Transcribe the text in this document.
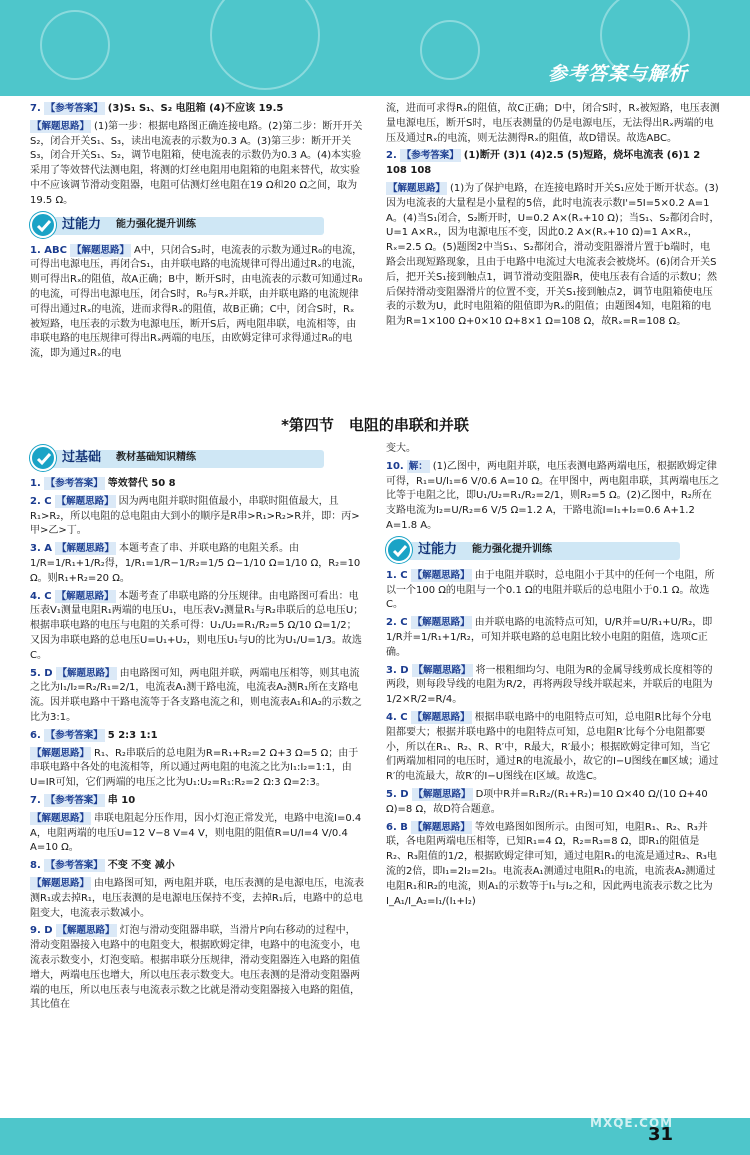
参考答案与解析
7. 【参考答案】 (3)S₁ S₁、S₂ 电阻箱 (4)不应该 19.5
【解题思路】 (1)第一步：根据电路图正确连接电路。(2)第二步：断开开关S₂，闭合开关S₁、S₃，读出电流表的示数为0.3 A。(3)第三步：断开开关S₃，闭合开关S₁、S₂，调节电阻箱，使电流表的示数仍为0.3 A。(4)本实验采用了等效替代法测电阻，将测的灯丝电阻用电阻箱的电阻来替代，故实验中不应该调节滑动变阻器，电阻可估测灯丝电阻在19 Ω和20 Ω之间，取为19.5 Ω。
过能力 能力强化提升训练
1. ABC 【解题思路】 A中，只闭合S₂时，电流表的示数为通过R₀的电流，可得出电源电压，再闭合S₁，由并联电路的电流规律可得出通过Rₓ的电流，则可得出Rₓ的阻值，故A正确；B中，断开S时，由电流表的示数可知通过R₀的电流，可得出电源电压，闭合S时，R₀与Rₓ并联，由并联电路的电流规律可得出通过Rₓ的电流，进而求得Rₓ的阻值，故B正确；C中，闭合S时，Rₓ被短路，电压表的示数为电源电压，断开S后，两电阻串联，电流相等，由串联电路的电压规律可得出Rₓ两端的电压，由欧姆定律可求得通过R₀的电流，即为通过Rₓ的电
流，进而可求得Rₓ的阻值，故C正确；D中，闭合S时，Rₓ被短路，电压表测量电源电压，断开S时，电压表测量的仍是电源电压，无法得出Rₓ两端的电压及通过Rₓ的电流，则无法测得Rₓ的阻值，故D错误。故选ABC。
2. 【参考答案】 (1)断开 (3)1 (4)2.5 (5)短路，烧坏电流表 (6)1 2 108 108
【解题思路】 (1)为了保护电路，在连接电路时开关S₁应处于断开状态。(3)因为电流表的大量程是小量程的5倍，此时电流表示数I'=5I=5×0.2 A=1 A。(4)当S₁闭合，S₂断开时，U=0.2 A×(Rₓ+10 Ω)；当S₁、S₂都闭合时，U=1 A×Rₓ，因为电源电压不变，因此0.2 A×(Rₓ+10 Ω)=1 A×Rₓ，Rₓ=2.5 Ω。(5)题图2中当S₁、S₂都闭合，滑动变阻器滑片置于b端时，电路会出现短路现象，且由于电路中电流过大电流表会被烧坏。(6)闭合开关S后，把开关S₁接到触点1，调节滑动变阻器R，使电压表有合适的示数U；然后保持滑动变阻器滑片的位置不变，开关S₁接到触点2，调节电阻箱使电压表的示数为U，此时电阻箱的阻值即为Rₓ的阻值；由题图4知，电阻箱的电阻为R=1×100 Ω+0×10 Ω+8×1 Ω=108 Ω，故Rₓ=R=108 Ω。
*第四节　电阻的串联和并联
过基础 教材基础知识精练
1. 【参考答案】 等效替代 50 8
2. C 【解题思路】 因为两电阻并联时阻值最小，串联时阻值最大，且R₁>R₂，所以电阻的总电阻由大到小的顺序是R串>R₁>R₂>R并，即：丙>甲>乙>丁。
3. A 【解题思路】 本题考查了串、并联电路的电阻关系。由1/R=1/R₁+1/R₂得，1/R₁=1/R−1/R₂=1/5 Ω−1/10 Ω=1/10 Ω，R₂=10 Ω。则R₁+R₂=20 Ω。
4. C 【解题思路】 本题考查了串联电路的分压规律。由电路图可看出：电压表V₁测量电阻R₁两端的电压U₁，电压表V₂测量R₁与R₂串联后的总电压U；根据串联电路的电压与电阻的关系可得：U₁/U₂=R₁/R₂=5 Ω/10 Ω=1/2；又因为串联电路的总电压U=U₁+U₂，则电压U₁与U的比为U₁/U=1/3。故选C。
5. D 【解题思路】 由电路图可知，两电阻并联，两端电压相等，则其电流之比为I₁/I₂=R₂/R₁=2/1，电流表A₁测干路电流，电流表A₂测R₁所在支路电流。因并联电路中干路电流等于各支路电流之和，则电流表A₁和A₂的示数之比为3:1。
6. 【参考答案】 5 2:3 1:1
【解题思路】 R₁、R₂串联后的总电阻为R=R₁+R₂=2 Ω+3 Ω=5 Ω；由于串联电路中各处的电流相等，所以通过两电阻的电流之比为I₁:I₂=1:1，由U=IR可知，它们两端的电压之比为U₁:U₂=R₁:R₂=2 Ω:3 Ω=2:3。
7. 【参考答案】 串 10
【解题思路】 串联电阻起分压作用，因小灯泡正常发光，电路中电流I=0.4 A，电阻两端的电压U=12 V−8 V=4 V，则电阻的阻值R=U/I=4 V/0.4 A=10 Ω。
8. 【参考答案】 不变 不变 减小
【解题思路】 由电路图可知，两电阻并联，电压表测的是电源电压，电流表测R₁或去掉R₁，电压表测的是电源电压保持不变，去掉R₁后，电路中的总电阻变大，电流表示数减小。
9. D 【解题思路】 灯泡与滑动变阻器串联，当滑片P向右移动的过程中，滑动变阻器接入电路中的电阻变大，根据欧姆定律，电路中的电流变小，电流表示数变小，灯泡变暗。根据串联分压规律，滑动变阻器连入电路的阻值增大，两端电压也增大，所以电压表示数变大。电压表测的是滑动变阻器两端的电压，所以电压表与电流表示数之比就是滑动变阻器接入电路的阻值，其比值在
变大。
10. 解： (1)乙图中，两电阻并联，电压表测电路两端电压，根据欧姆定律可得，R₁=U/I₁=6 V/0.6 A=10 Ω。在甲图中，两电阻串联，其两端电压之比等于电阻之比，即U₁/U₂=R₁/R₂=2/1，则R₂=5 Ω。(2)乙图中，R₂所在支路电流为I₂=U/R₂=6 V/5 Ω=1.2 A，干路电流I=I₁+I₂=0.6 A+1.2 A=1.8 A。
过能力 能力强化提升训练
1. C 【解题思路】 由于电阻并联时，总电阻小于其中的任何一个电阻，所以一个100 Ω的电阻与一个0.1 Ω的电阻并联后的总电阻小于0.1 Ω。故选C。
2. C 【解题思路】 由并联电路的电流特点可知，U/R并=U/R₁+U/R₂，即1/R并=1/R₁+1/R₂，可知并联电路的总电阻比较小电阻的阻值，选项C正确。
3. D 【解题思路】 将一根粗细均匀、电阻为R的金属导线剪成长度相等的两段，则每段导线的电阻为R/2，再将两段导线并联起来，并联后的电阻为1/2×R/2=R/4。
4. C 【解题思路】 根据串联电路中的电阻特点可知，总电阻R比每个分电阻都要大；根据并联电路中的电阻特点可知，总电阻R′比每个分电阻都要小，所以在R₁、R₂、R、R′中，R最大，R′最小；根据欧姆定律可知，当它们两端加相同的电压时，通过R的电流最小，故它的I−U图线在Ⅲ区域；通过R′的电流最大，故R′的I−U图线在Ⅰ区域。故选C。
5. D 【解题思路】 D项中R并=R₁R₂/(R₁+R₂)=10 Ω×40 Ω/(10 Ω+40 Ω)=8 Ω，故D符合题意。
6. B 【解题思路】 等效电路图如图所示。由图可知，电阻R₁、R₂、R₃并联，各电阻两端电压相等，已知R₁=4 Ω，R₂=R₃=8 Ω，即R₁的阻值是R₂、R₃阻值的1/2，根据欧姆定律可知，通过电阻R₁的电流是通过R₂、R₃电流的2倍，即I₁=2I₂=2I₃。电流表A₁测通过电阻R₁的电流，电流表A₂测通过电阻R₁和R₂的电流，则A₁的示数等于I₁与I₂之和，因此两电流表示数之比为I_A₁/I_A₂=I₁/(I₁+I₂)
MXQE.COM
31
